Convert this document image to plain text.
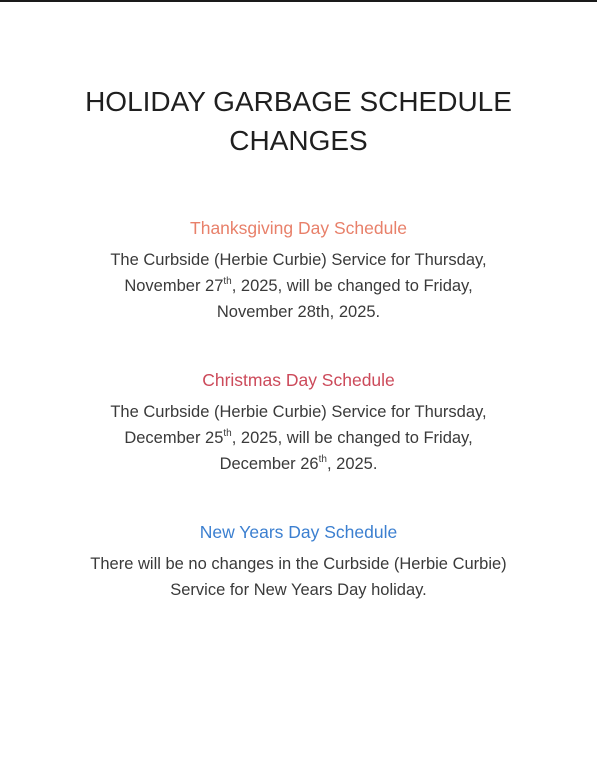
HOLIDAY GARBAGE SCHEDULE
CHANGES
Thanksgiving Day Schedule

The Curbside (Herbie Curbie) Service for Thursday,
November 27th, 2025, will be changed to Friday,
November 28th, 2025.

Christmas Day Schedule

The Curbside (Herbie Curbie) Service for Thursday,
December 25th, 2025, will be changed to Friday,
December 26th, 2025.

New Years Day Schedule

There will be no changes in the Curbside (Herbie Curbie)
Service for New Years Day holiday.
